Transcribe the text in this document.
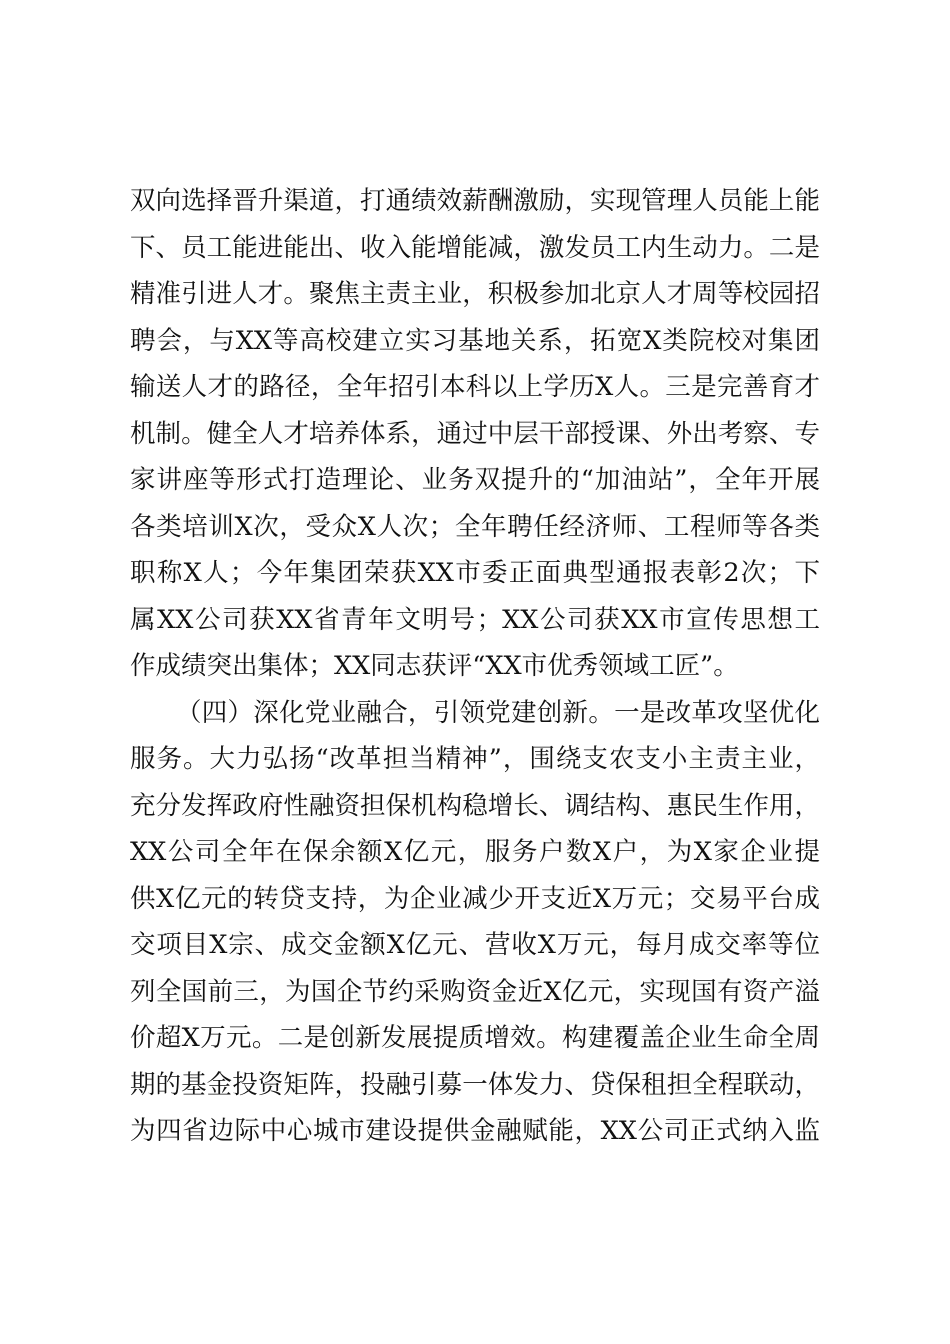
双向选择晋升渠道，打通绩效薪酬激励，实现管理人员能上能
下、员工能进能出、收入能增能减，激发员工内生动力。二是
精准引进人才。聚焦主责主业，积极参加北京人才周等校园招
聘会，与XX等高校建立实习基地关系，拓宽X类院校对集团
输送人才的路径，全年招引本科以上学历X人。三是完善育才
机制。健全人才培养体系，通过中层干部授课、外出考察、专
家讲座等形式打造理论、业务双提升的“加油站”，全年开展
各类培训X次，受众X人次；全年聘任经济师、工程师等各类
职称X人；今年集团荣获XX市委正面典型通报表彰2次；下
属XX公司获XX省青年文明号；XX公司获XX市宣传思想工
作成绩突出集体；XX同志获评“XX市优秀领域工匠”。
（四）深化党业融合，引领党建创新。一是改革攻坚优化
服务。大力弘扬“改革担当精神”，围绕支农支小主责主业，
充分发挥政府性融资担保机构稳增长、调结构、惠民生作用，
XX公司全年在保余额X亿元，服务户数X户，为X家企业提
供X亿元的转贷支持，为企业减少开支近X万元；交易平台成
交项目X宗、成交金额X亿元、营收X万元，每月成交率等位
列全国前三，为国企节约采购资金近X亿元，实现国有资产溢
价超X万元。二是创新发展提质增效。构建覆盖企业生命全周
期的基金投资矩阵，投融引募一体发力、贷保租担全程联动，
为四省边际中心城市建设提供金融赋能，XX公司正式纳入监
